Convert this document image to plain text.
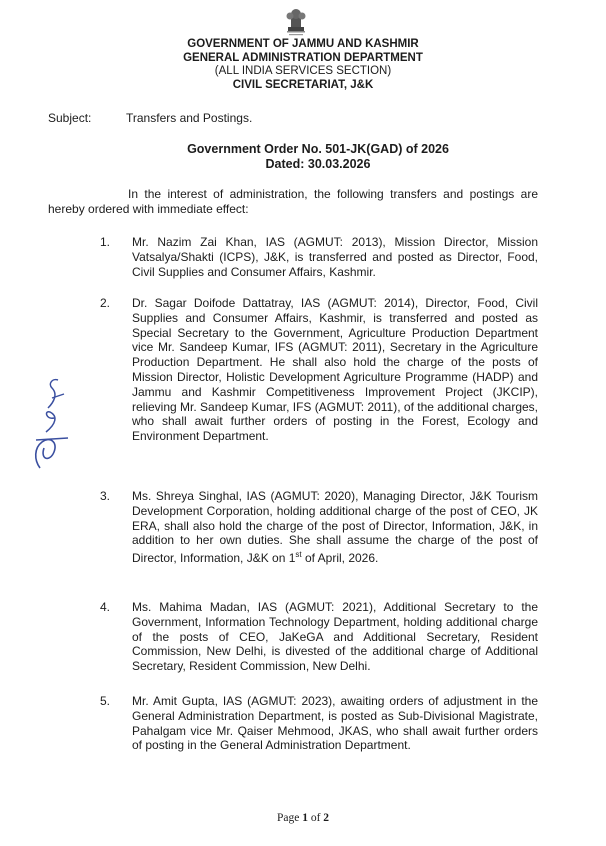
GOVERNMENT OF JAMMU AND KASHMIR
GENERAL ADMINISTRATION DEPARTMENT
(ALL INDIA SERVICES SECTION)
CIVIL SECRETARIAT, J&K
Subject:	Transfers and Postings.
Government Order No. 501-JK(GAD) of 2026
Dated: 30.03.2026
In the interest of administration, the following transfers and postings are hereby ordered with immediate effect:
1. Mr. Nazim Zai Khan, IAS (AGMUT: 2013), Mission Director, Mission Vatsalya/Shakti (ICPS), J&K, is transferred and posted as Director, Food, Civil Supplies and Consumer Affairs, Kashmir.
2. Dr. Sagar Doifode Dattatray, IAS (AGMUT: 2014), Director, Food, Civil Supplies and Consumer Affairs, Kashmir, is transferred and posted as Special Secretary to the Government, Agriculture Production Department vice Mr. Sandeep Kumar, IFS (AGMUT: 2011), Secretary in the Agriculture Production Department. He shall also hold the charge of the posts of Mission Director, Holistic Development Agriculture Programme (HADP) and Jammu and Kashmir Competitiveness Improvement Project (JKCIP), relieving Mr. Sandeep Kumar, IFS (AGMUT: 2011), of the additional charges, who shall await further orders of posting in the Forest, Ecology and Environment Department.
3. Ms. Shreya Singhal, IAS (AGMUT: 2020), Managing Director, J&K Tourism Development Corporation, holding additional charge of the post of CEO, JK ERA, shall also hold the charge of the post of Director, Information, J&K, in addition to her own duties. She shall assume the charge of the post of Director, Information, J&K on 1st of April, 2026.
4. Ms. Mahima Madan, IAS (AGMUT: 2021), Additional Secretary to the Government, Information Technology Department, holding additional charge of the posts of CEO, JaKeGA and Additional Secretary, Resident Commission, New Delhi, is divested of the additional charge of Additional Secretary, Resident Commission, New Delhi.
5. Mr. Amit Gupta, IAS (AGMUT: 2023), awaiting orders of adjustment in the General Administration Department, is posted as Sub-Divisional Magistrate, Pahalgam vice Mr. Qaiser Mehmood, JKAS, who shall await further orders of posting in the General Administration Department.
Page 1 of 2
